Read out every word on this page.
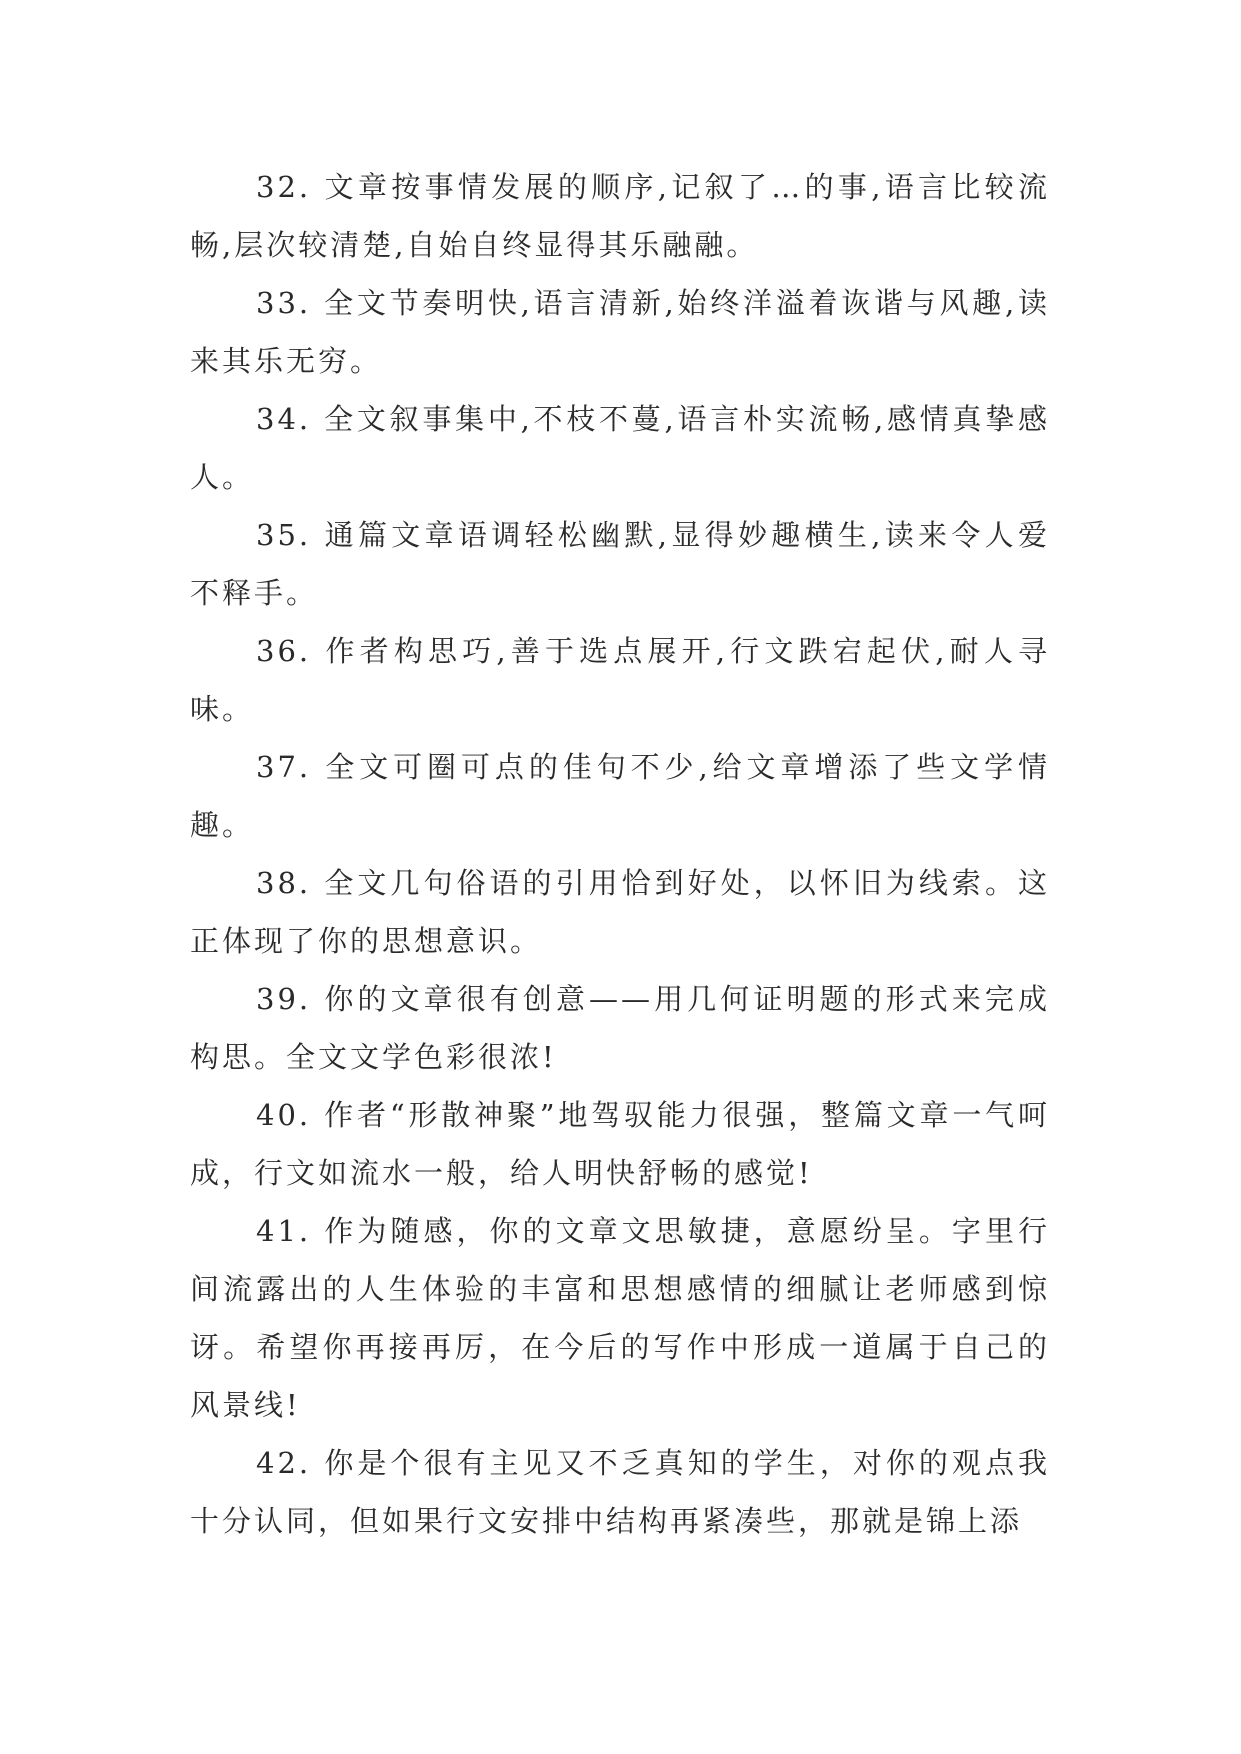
32. 文章按事情发展的顺序,记叙了…的事,语言比较流畅,层次较清楚,自始自终显得其乐融融。

33. 全文节奏明快,语言清新,始终洋溢着诙谐与风趣,读来其乐无穷。

34. 全文叙事集中,不枝不蔓,语言朴实流畅,感情真挚感人。

35. 通篇文章语调轻松幽默,显得妙趣横生,读来令人爱不释手。

36. 作者构思巧,善于选点展开,行文跌宕起伏,耐人寻味。

37. 全文可圈可点的佳句不少,给文章增添了些文学情趣。

38. 全文几句俗语的引用恰到好处，以怀旧为线索。这正体现了你的思想意识。

39. 你的文章很有创意——用几何证明题的形式来完成构思。全文文学色彩很浓!

40. 作者“形散神聚”地驾驭能力很强，整篇文章一气呵成，行文如流水一般，给人明快舒畅的感觉!

41. 作为随感，你的文章文思敏捷，意愿纷呈。字里行间流露出的人生体验的丰富和思想感情的细腻让老师感到惊讶。希望你再接再厉，在今后的写作中形成一道属于自己的风景线!

42. 你是个很有主见又不乏真知的学生，对你的观点我十分认同，但如果行文安排中结构再紧凑些，那就是锦上添
